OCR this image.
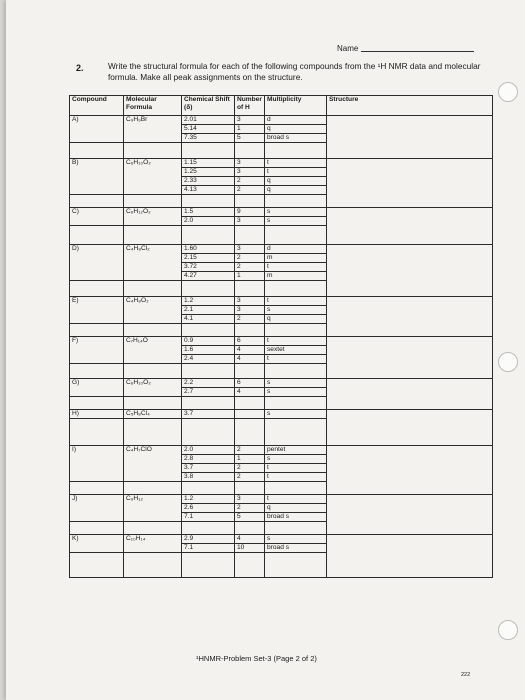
Name
2.	Write the structural formula for each of the following compounds from the ¹H NMR data and molecular formula. Make all peak assignments on the structure.
Compound	Molecular Formula	Chemical Shift (δ)	Number of H	Multiplicity	Structure
A)	C₉H₉Br	2.01	3	d	
		5.14	1	q	
		7.35	5	broad s	

B)	C₆H₁₀O₂	1.15	3	t	
		1.25	3	t	
		2.33	2	q	
		4.13	2	q	

C)	C₆H₁₂O₂	1.5	9	s	
		2.0	3	s	

D)	C₄H₈Cl₂	1.60	3	d	
		2.15	2	m	
		3.72	2	t	
		4.27	1	m	

E)	C₄H₈O₂	1.2	3	t	
		2.1	3	s	
		4.1	2	q	

F)	C₇H₁₄O	0.9	6	t	
		1.6	4	sextet	
		2.4	4	t	

G)	C₆H₁₀O₂	2.2	6	s	
		2.7	4	s	

H)	C₅H₈Cl₄	3.7		s	

I)	C₄H₇ClO	2.0	2	pentet	
		2.8	1	s	
		3.7	2	t	
		3.8	2	t	

J)	C₉H₁₂	1.2	3	t	
		2.6	2	q	
		7.1	5	broad s	

K)	C₁₀H₁₄	2.9	4	s	
		7.1	10	broad s	

¹HNMR-Problem Set-3 (Page 2 of 2)
222
